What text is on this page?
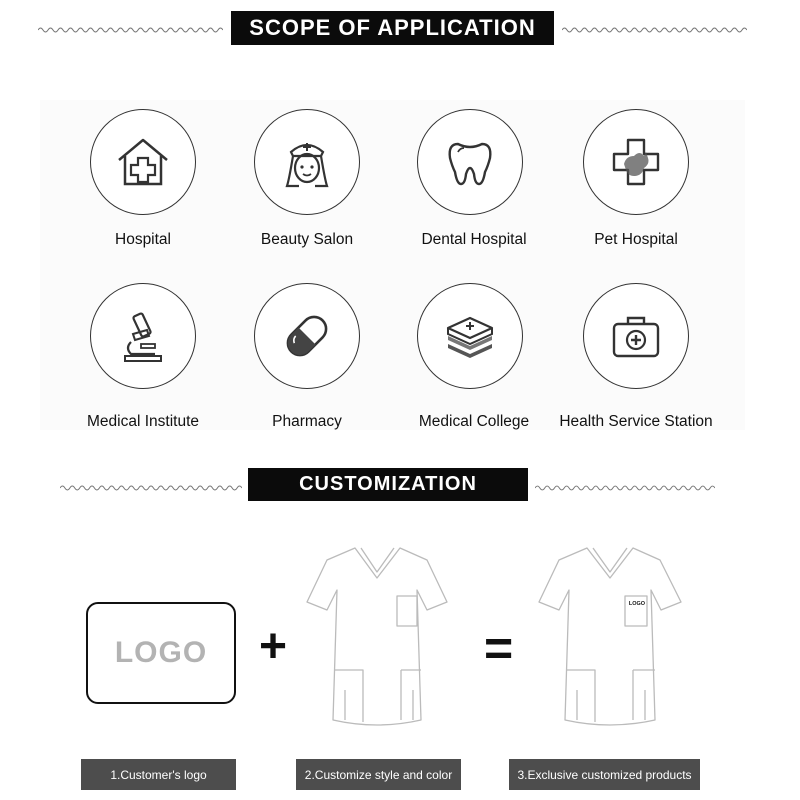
SCOPE OF APPLICATION
Hospital	Beauty Salon	Dental Hospital	Pet Hospital
Medical Institute	Pharmacy	Medical College	Health Service Station
CUSTOMIZATION
LOGO +	=
LOGO
1.Customer's logo	2.Customize style and color	3.Exclusive customized products
